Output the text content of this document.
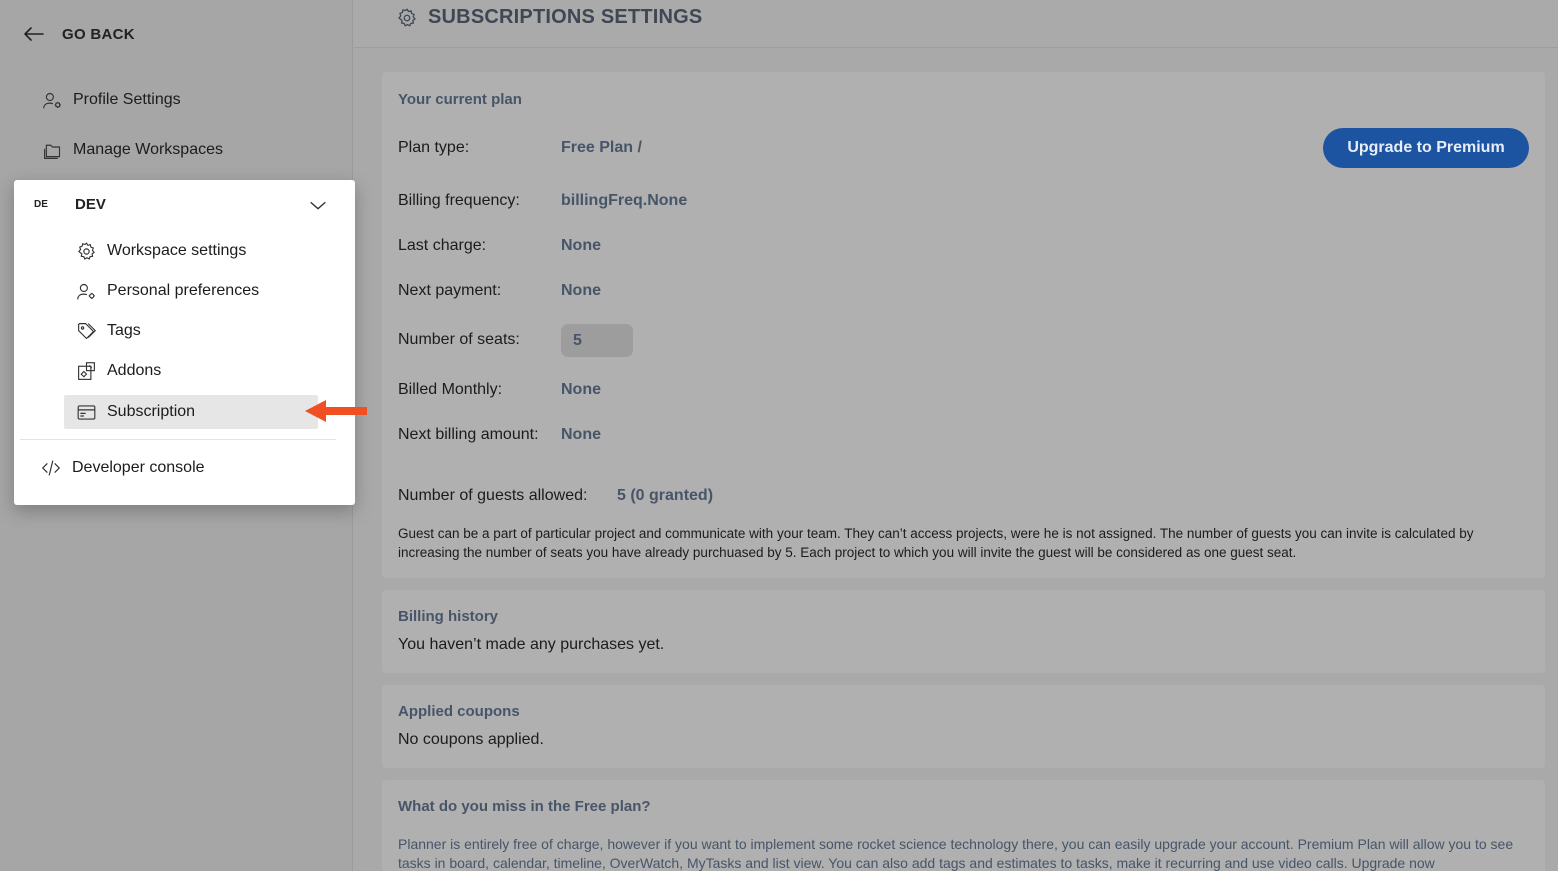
GO BACK
Profile Settings
Manage Workspaces
DE DEV
Workspace settings
Personal preferences
Tags
Addons
Subscription
Developer console
SUBSCRIPTIONS SETTINGS
Your current plan
Upgrade to Premium
Plan type:	Free Plan /
Billing frequency:	billingFreq.None
Last charge:	None
Next payment:	None
Number of seats:	5
Billed Monthly:	None
Next billing amount: None
Number of guests allowed: 5 (0 granted)
Guest can be a part of particular project and communicate with your team. They can’t access projects, were he is not assigned. The number of guests you can invite is calculated by increasing the number of seats you have already purchuased by 5. Each project to which you will invite the guest will be considered as one guest seat.
Billing history
You haven’t made any purchases yet.
Applied coupons
No coupons applied.
What do you miss in the Free plan?
Planner is entirely free of charge, however if you want to implement some rocket science technology there, you can easily upgrade your account. Premium Plan will allow you to see tasks in board, calendar, timeline, OverWatch, MyTasks and list view. You can also add tags and estimates to tasks, make it recurring and use video calls. Upgrade now
